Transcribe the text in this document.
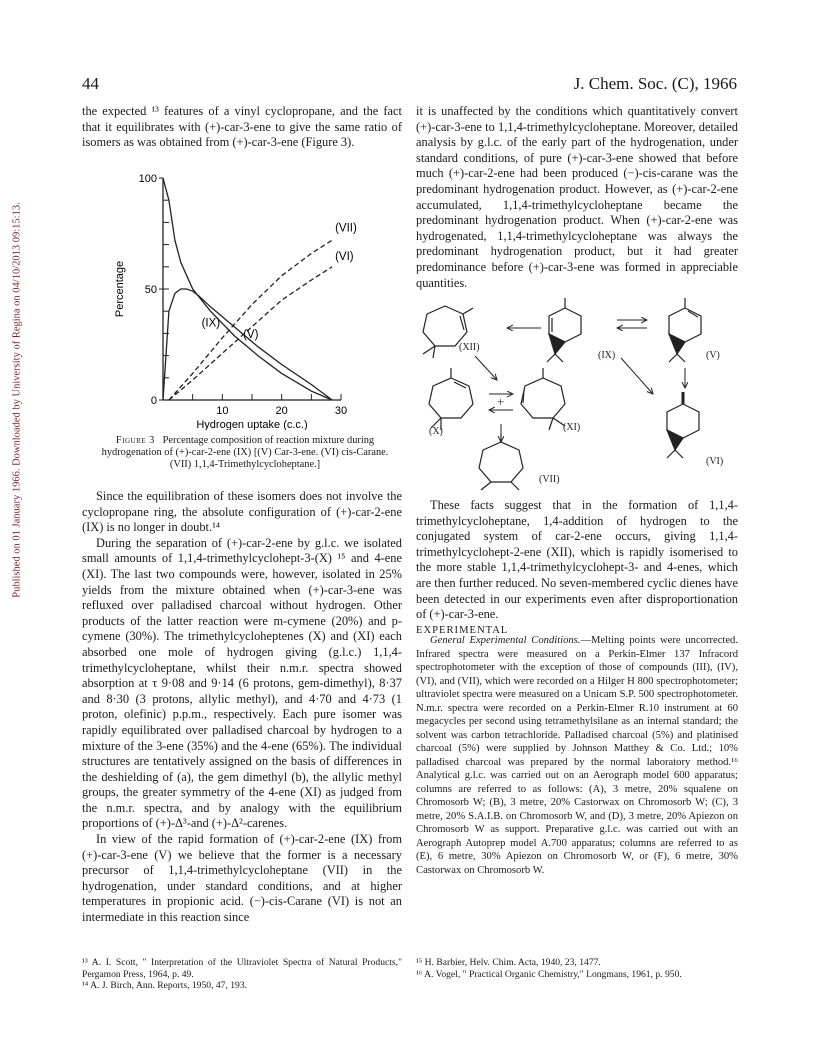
Published on 01 January 1966. Downloaded by University of Regina on 04/10/2013 09:15:13.
44	J. Chem. Soc. (C), 1966

the expected ¹³ features of a vinyl cyclopropane, and the fact that it equilibrates with (+)-car-3-ene to give the same ratio of isomers as was obtained from (+)-car-3-ene (Figure 3).

0
50
100
10	20	30
Hydrogen uptake (c.c.)
Percentage
(IX)
(V)
(VII)
(VI)
Figure 3 Percentage composition of reaction mixture during hydrogenation of (+)-car-2-ene (IX) [(V) Car-3-ene. (VI) cis-Carane. (VII) 1,1,4-Trimethylcycloheptane.]

Since the equilibration of these isomers does not involve the cyclopropane ring, the absolute configuration of (+)-car-2-ene (IX) is no longer in doubt.¹⁴

During the separation of (+)-car-2-ene by g.l.c. we isolated small amounts of 1,1,4-trimethylcyclohept-3-(X) ¹⁵ and 4-ene (XI). The last two compounds were, however, isolated in 25% yields from the mixture obtained when (+)-car-3-ene was refluxed over palladised charcoal without hydrogen. Other products of the latter reaction were m-cymene (20%) and p-cymene (30%). The trimethylcycloheptenes (X) and (XI) each absorbed one mole of hydrogen giving (g.l.c.) 1,1,4-trimethylcycloheptane, whilst their n.m.r. spectra showed absorption at τ 9·08 and 9·14 (6 protons, gem-dimethyl), 8·37 and 8·30 (3 protons, allylic methyl), and 4·70 and 4·73 (1 proton, olefinic) p.p.m., respectively. Each pure isomer was rapidly equilibrated over palladised charcoal by hydrogen to a mixture of the 3-ene (35%) and the 4-ene (65%). The individual structures are tentatively assigned on the basis of differences in the deshielding of (a), the gem dimethyl (b), the allylic methyl groups, the greater symmetry of the 4-ene (XI) as judged from the n.m.r. spectra, and by analogy with the equilibrium proportions of (+)-Δ³-and (+)-Δ²-carenes.

In view of the rapid formation of (+)-car-2-ene (IX) from (+)-car-3-ene (V) we believe that the former is a necessary precursor of 1,1,4-trimethylcycloheptane (VII) in the hydrogenation, under standard conditions, and at higher temperatures in propionic acid. (−)-cis-Carane (VI) is not an intermediate in this reaction since

¹³ A. I. Scott, " Interpretation of the Ultraviolet Spectra of Natural Products," Pergamon Press, 1964, p. 49.

¹⁴ A. J. Birch, Ann. Reports, 1950, 47, 193.

it is unaffected by the conditions which quantitatively convert (+)-car-3-ene to 1,1,4-trimethylcycloheptane. Moreover, detailed analysis by g.l.c. of the early part of the hydrogenation, under standard conditions, of pure (+)-car-3-ene showed that before much (+)-car-2-ene had been produced (−)-cis-carane was the predominant hydrogenation product. However, as (+)-car-2-ene accumulated, 1,1,4-trimethylcycloheptane became the predominant hydrogenation product. When (+)-car-2-ene was hydrogenated, 1,1,4-trimethylcycloheptane was always the predominant hydrogenation product, but it had greater predominance before (+)-car-3-ene was formed in appreciable quantities.

(XII)
(IX)	(V)
(X)
+
(XI)
(VII)
(VI)

These facts suggest that in the formation of 1,1,4-trimethylcycloheptane, 1,4-addition of hydrogen to the conjugated system of car-2-ene occurs, giving 1,1,4-trimethylcyclohept-2-ene (XII), which is rapidly isomerised to the more stable 1,1,4-trimethylcyclohept-3- and 4-enes, which are then further reduced. No seven-membered cyclic dienes have been detected in our experiments even after disproportionation of (+)-car-3-ene.

EXPERIMENTAL

General Experimental Conditions.—Melting points were uncorrected. Infrared spectra were measured on a Perkin-Elmer 137 Infracord spectrophotometer with the exception of those of compounds (III), (IV), (VI), and (VII), which were recorded on a Hilger H 800 spectrophotometer; ultraviolet spectra were measured on a Unicam S.P. 500 spectrophotometer. N.m.r. spectra were recorded on a Perkin-Elmer R.10 instrument at 60 megacycles per second using tetramethylsilane as an internal standard; the solvent was carbon tetrachloride. Palladised charcoal (5%) and platinised charcoal (5%) were supplied by Johnson Matthey & Co. Ltd.; 10% palladised charcoal was prepared by the normal laboratory method.¹⁶ Analytical g.l.c. was carried out on an Aerograph model 600 apparatus; columns are referred to as follows: (A), 3 metre, 20% squalene on Chromosorb W; (B), 3 metre, 20% Castorwax on Chromosorb W; (C), 3 metre, 20% S.A.I.B. on Chromosorb W, and (D), 3 metre, 20% Apiezon on Chromosorb W as support. Preparative g.l.c. was carried out with an Aerograph Autoprep model A.700 apparatus; columns are referred to as (E), 6 metre, 30% Apiezon on Chromosorb W, or (F), 6 metre, 30% Castorwax on Chromosorb W.

¹⁵ H. Barbier, Helv. Chim. Acta, 1940, 23, 1477.

¹⁶ A. Vogel, " Practical Organic Chemistry," Longmans, 1961, p. 950.
